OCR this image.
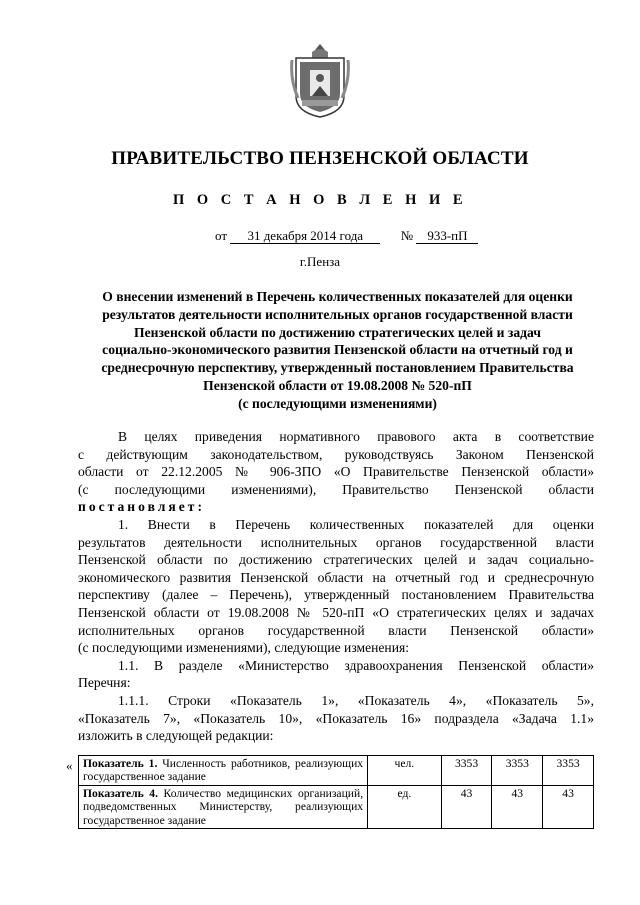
ПРАВИТЕЛЬСТВО ПЕНЗЕНСКОЙ ОБЛАСТИ
П О С Т А Н О В Л Е Н И Е
от 31 декабря 2014 года	№ 933-пП
г.Пенза
О внесении изменений в Перечень количественных показателей для оценки
результатов деятельности исполнительных органов государственной власти
Пензенской области по достижению стратегических целей и задач
социально-экономического развития Пензенской области на отчетный год и
среднесрочную перспективу, утвержденный постановлением Правительства
Пензенской области от 19.08.2008 № 520-пП
(с последующими изменениями)
В целях приведения нормативного правового акта в соответствие
с действующим законодательством, руководствуясь Законом Пензенской
области от 22.12.2005 № 906-ЗПО «О Правительстве Пензенской области»
(с последующими изменениями), Правительство Пензенской области
постановляет:
1. Внести в Перечень количественных показателей для оценки
результатов деятельности исполнительных органов государственной власти
Пензенской области по достижению стратегических целей и задач социально-
экономического развития Пензенской области на отчетный год и среднесрочную
перспективу (далее – Перечень), утвержденный постановлением Правительства
Пензенской области от 19.08.2008 № 520-пП «О стратегических целях и задачах
исполнительных органов государственной власти Пензенской области»
(с последующими изменениями), следующие изменения:
1.1. В разделе «Министерство здравоохранения Пензенской области»
Перечня:
1.1.1. Строки «Показатель 1», «Показатель 4», «Показатель 5»,
«Показатель 7», «Показатель 10», «Показатель 16» подраздела «Задача 1.1»
изложить в следующей редакции:
« Показатель 1. Численность работников, реализующих государственное задание	чел.	3353	3353	3353
Показатель 4. Количество медицинских организаций, подведомственных Министерству, реализующих государственное задание	ед.	43	43	43
